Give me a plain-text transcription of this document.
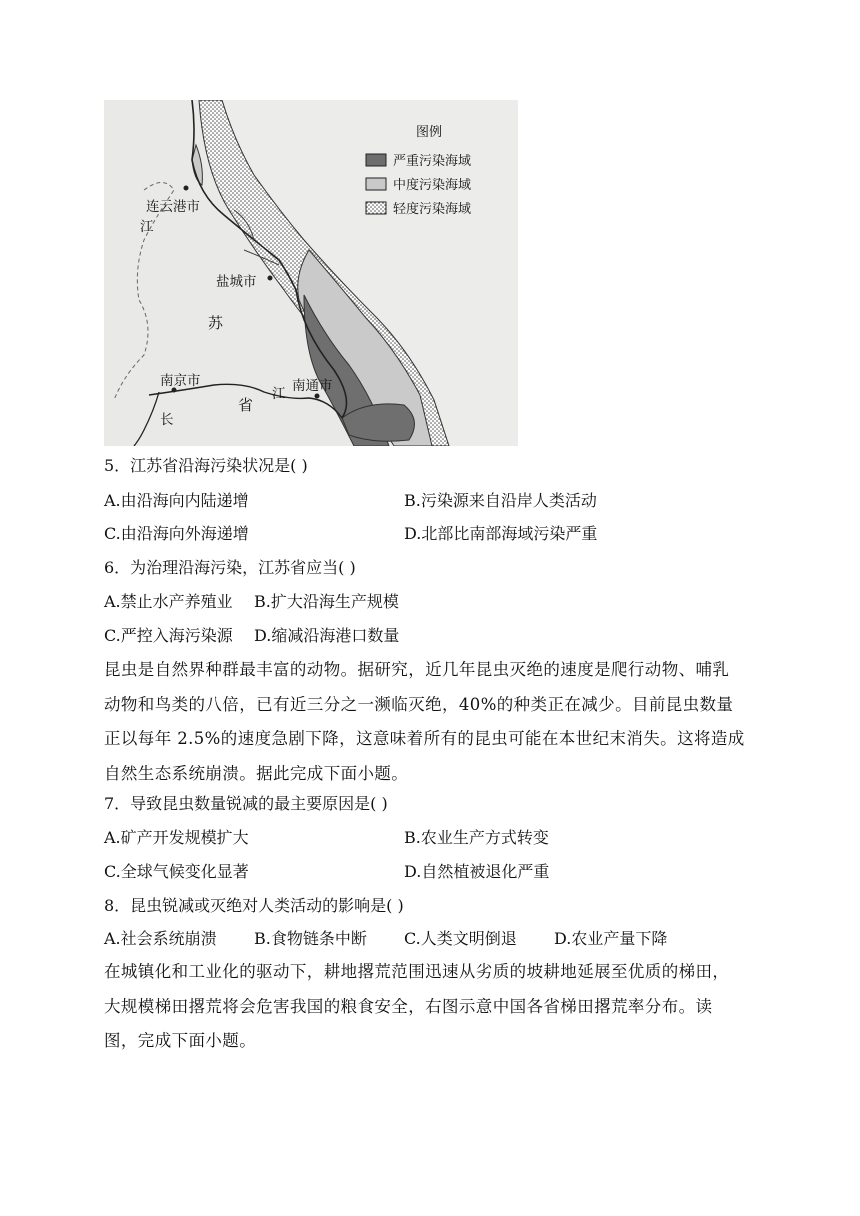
连云港市
江
盐城市
苏
南京市
省
江 南通市
长
图例
严重污染海域
中度污染海域
轻度污染海域
5．江苏省沿海污染状况是( )
A.由沿海向内陆递增	B.污染源来自沿岸人类活动
C.由沿海向外海递增	D.北部比南部海域污染严重
6．为治理沿海污染，江苏省应当( )
A.禁止水产养殖业 B.扩大沿海生产规模
C.严控入海污染源 D.缩减沿海港口数量

昆虫是自然界种群最丰富的动物。据研究，近几年昆虫灭绝的速度是爬行动物、哺乳

动物和鸟类的八倍，已有近三分之一濒临灭绝，40%的种类正在减少。目前昆虫数量

正以每年 2.5%的速度急剧下降，这意味着所有的昆虫可能在本世纪末消失。这将造成

自然生态系统崩溃。据此完成下面小题。

7．导致昆虫数量锐减的最主要原因是( )
A.矿产开发规模扩大	B.农业生产方式转变
C.全球气候变化显著	D.自然植被退化严重
8．昆虫锐减或灭绝对人类活动的影响是( )
A.社会系统崩溃 B.食物链条中断 C.人类文明倒退 D.农业产量下降

在城镇化和工业化的驱动下，耕地撂荒范围迅速从劣质的坡耕地延展至优质的梯田，

大规模梯田撂荒将会危害我国的粮食安全，右图示意中国各省梯田撂荒率分布。读

图，完成下面小题。
